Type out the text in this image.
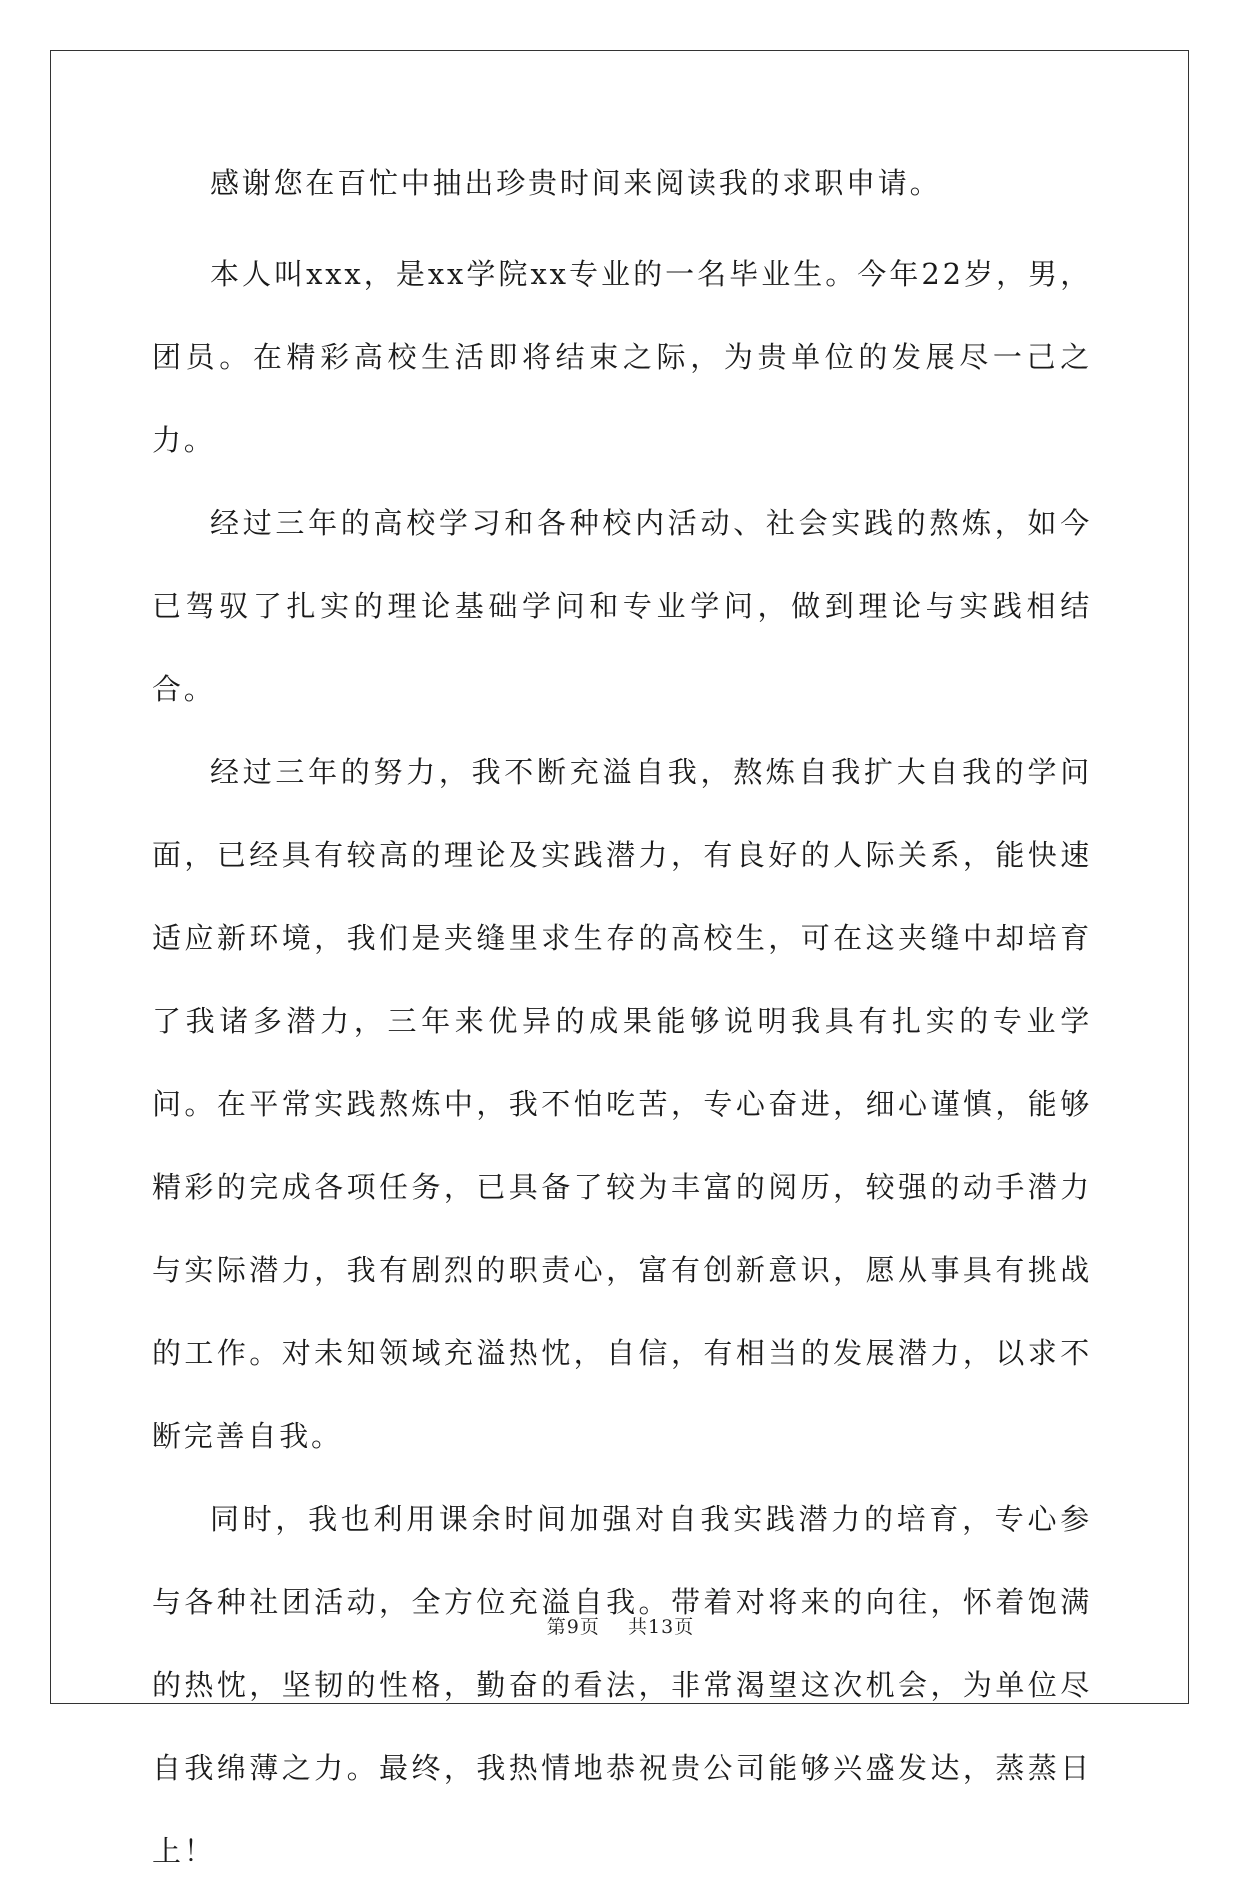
感谢您在百忙中抽出珍贵时间来阅读我的求职申请。

本人叫xxx，是xx学院xx专业的一名毕业生。今年22岁，男，团员。在精彩高校生活即将结束之际，为贵单位的发展尽一己之力。

经过三年的高校学习和各种校内活动、社会实践的熬炼，如今已驾驭了扎实的理论基础学问和专业学问，做到理论与实践相结合。

经过三年的努力，我不断充溢自我，熬炼自我扩大自我的学问面，已经具有较高的理论及实践潜力，有良好的人际关系，能快速适应新环境，我们是夹缝里求生存的高校生，可在这夹缝中却培育了我诸多潜力，三年来优异的成果能够说明我具有扎实的专业学问。在平常实践熬炼中，我不怕吃苦，专心奋进，细心谨慎，能够精彩的完成各项任务，已具备了较为丰富的阅历，较强的动手潜力与实际潜力，我有剧烈的职责心，富有创新意识，愿从事具有挑战的工作。对未知领域充溢热忱，自信，有相当的发展潜力，以求不断完善自我。

同时，我也利用课余时间加强对自我实践潜力的培育，专心参与各种社团活动，全方位充溢自我。带着对将来的向往，怀着饱满的热忱，坚韧的性格，勤奋的看法，非常渴望这次机会，为单位尽自我绵薄之力。最终，我热情地恭祝贵公司能够兴盛发达，蒸蒸日上！

第9页    共13页
